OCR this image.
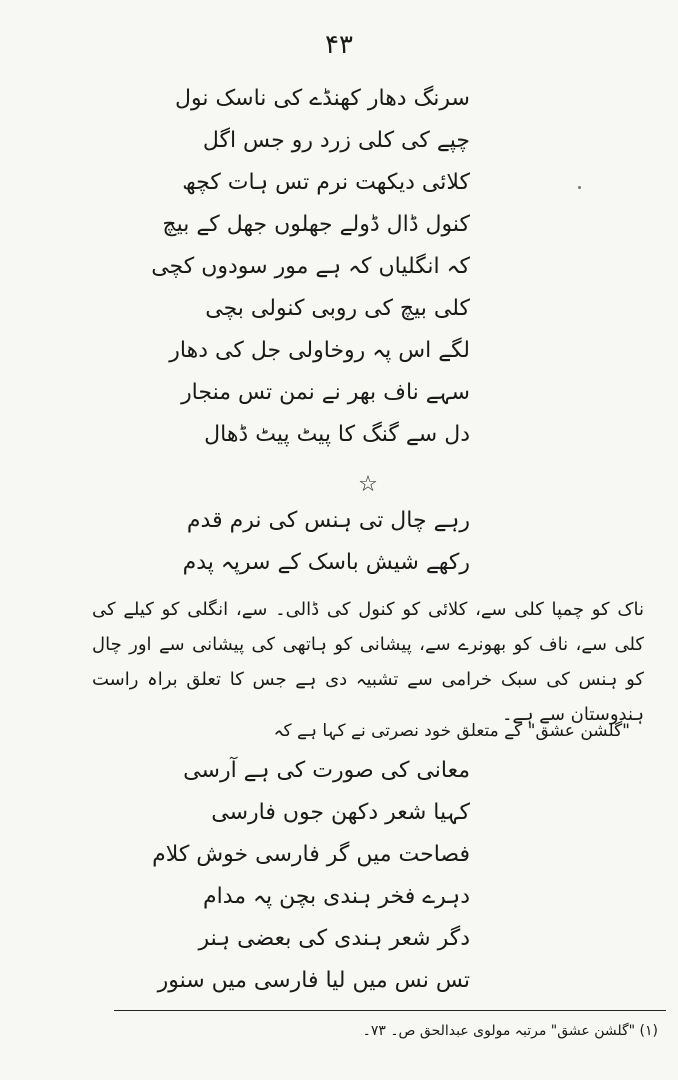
۴۳
سرنگ دھار کھنڈے کی ناسک نول
چپے کی کلی زرد رو جس اگل
کلائی دیکھت نرم تس ہات کچھ
کنول ڈال ڈولے جھلوں جھل کے بیچ
کہ انگلیاں کہ ہے مور سودوں کچی
کلی بیچ کی روبی کنولی بچی
لگے اس پہ روخاولی جل کی دھار
سہے ناف بھر نے نمن تس منجار
دل سے گنگ کا پیٹ پیٹ ڈھال
☆
رہے چال تی ہنس کی نرم قدم
رکھے شیش باسک کے سرپہ پدم

ناک کو چمپا کلی سے، کلائی کو کنول کی ڈالی۔ سے، انگلی کو کیلے کی کلی سے، ناف کو بھونرے سے، پیشانی کو ہاتھی کی پیشانی سے اور چال کو ہنس کی سبک خرامی سے تشبیہ دی ہے جس کا تعلق براہ راست ہندوستان سے ہے۔

"گلشن عشق" کے متعلق خود نصرتی نے کہا ہے کہ
معانی کی صورت کی ہے آرسی
کہیا شعر دکھن جوں فارسی
فصاحت میں گر فارسی خوش کلام
دہرے فخر ہندی بچن پہ مدام
دگر شعر ہندی کی بعضی ہنر
تس نس میں لیا فارسی میں سنور
(۱) "گلشن عشق" مرتبہ مولوی عبدالحق ص۔ ۷۳۔
